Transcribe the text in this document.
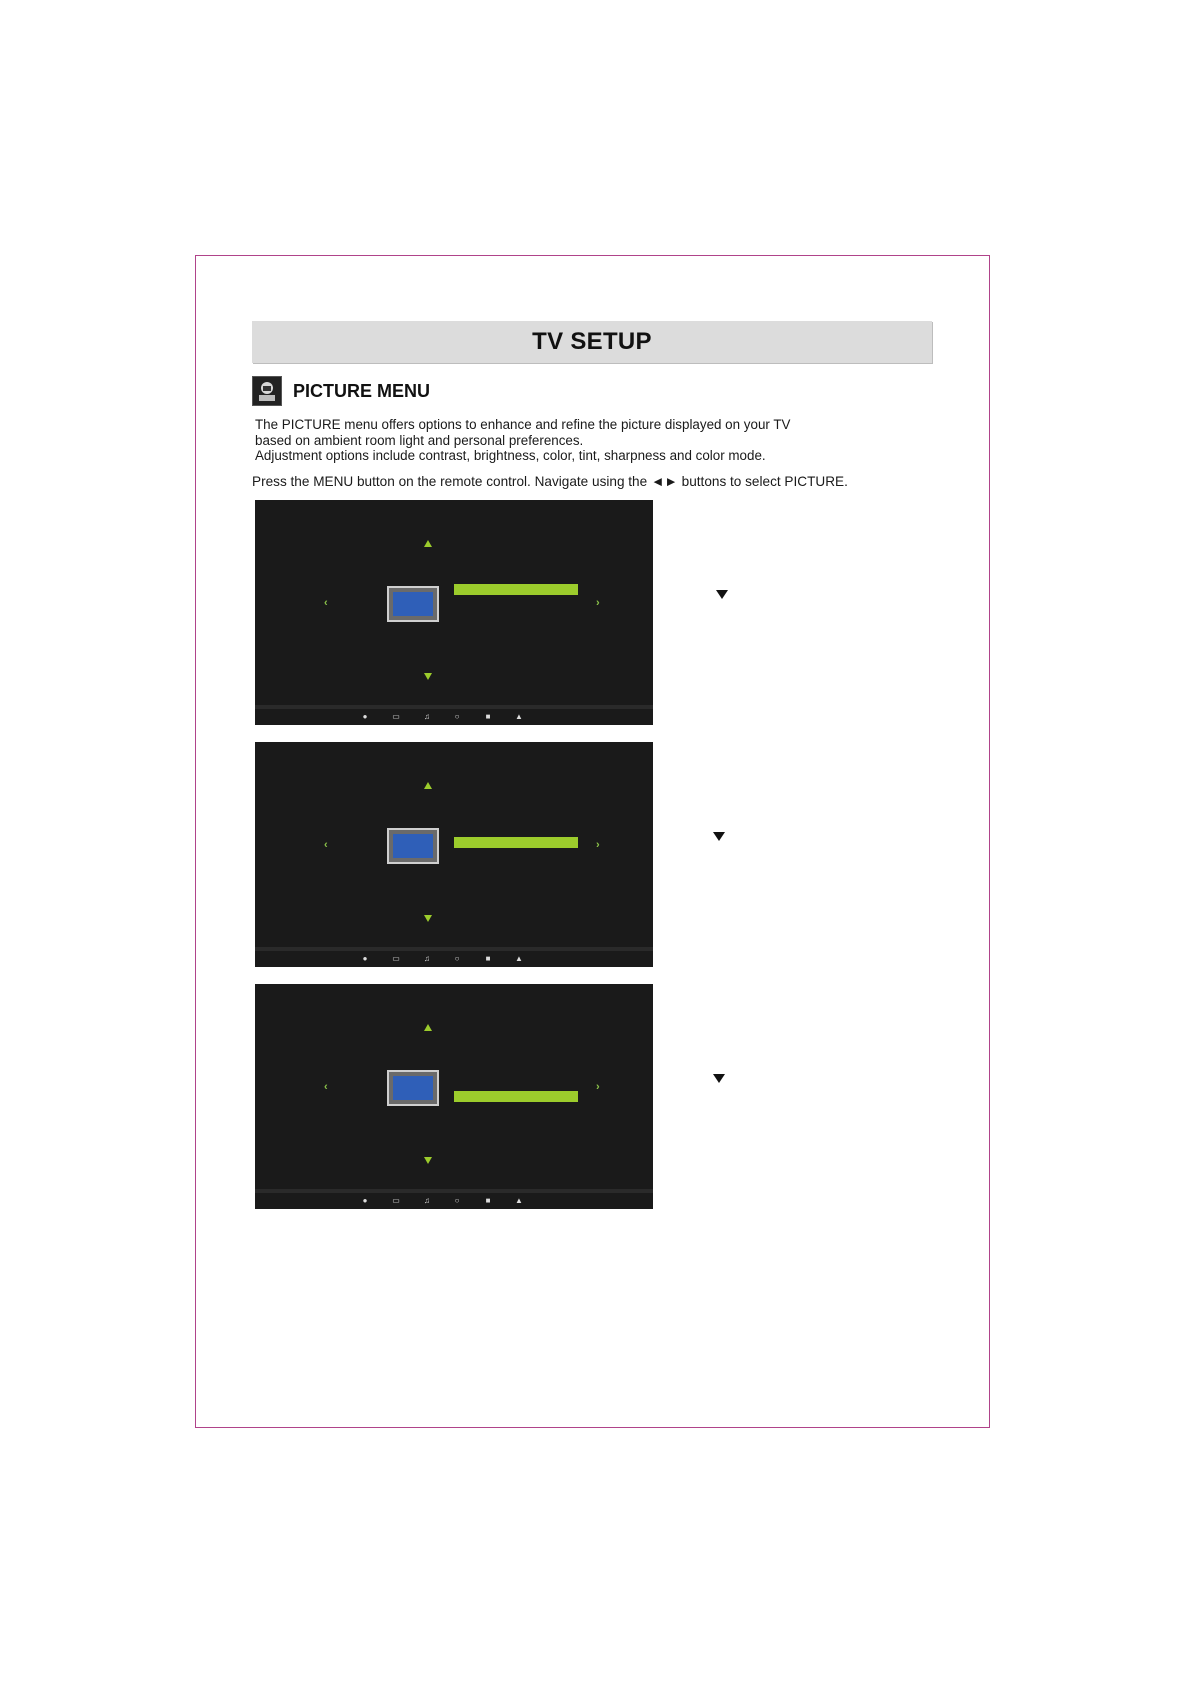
TV SETUP
PICTURE MENU
The PICTURE menu offers options to enhance and refine the picture displayed on your TV
based on ambient room light and personal preferences.
Adjustment options include contrast, brightness, color, tint, sharpness and color mode.
Press the MENU button on the remote control. Navigate using the ◄► buttons to select PICTURE.
‹	›
●	▭	♫	○	■	▲
‹	›
●	▭	♫	○	■	▲
‹	›
●	▭	♫	○	■	▲
